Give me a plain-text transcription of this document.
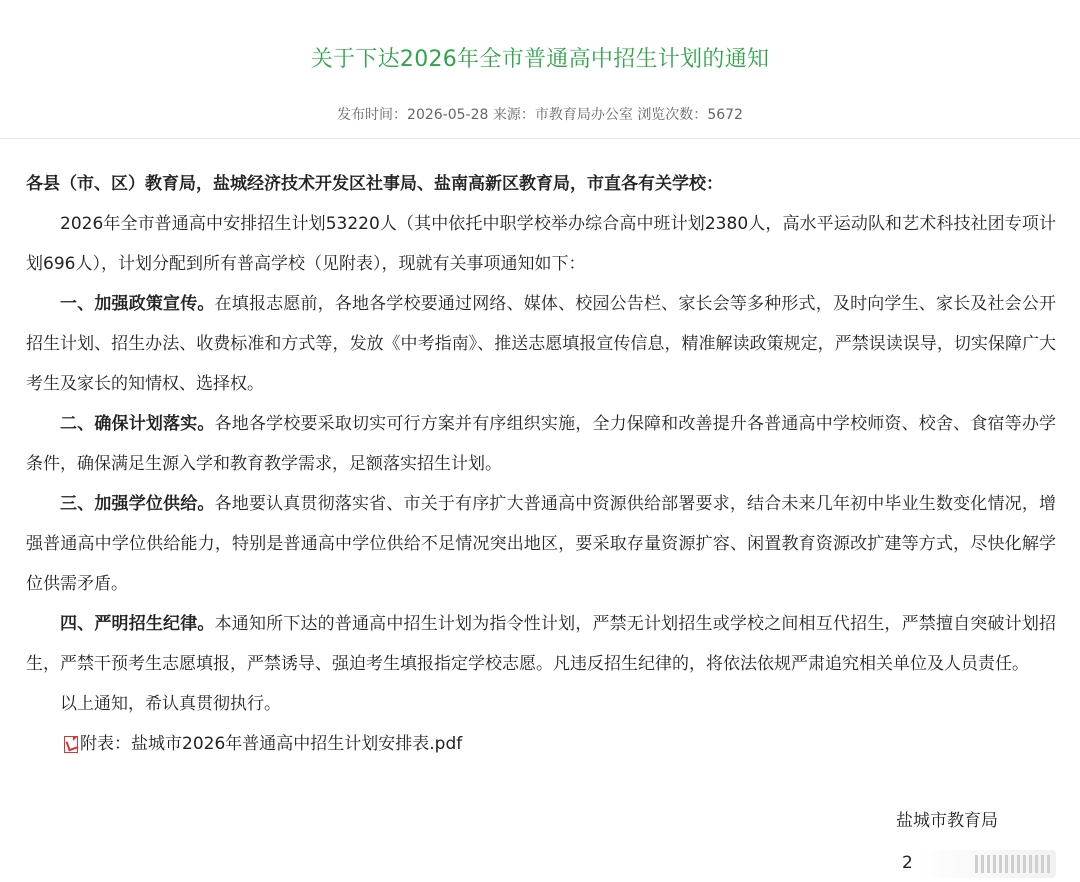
关于下达2026年全市普通高中招生计划的通知
发布时间：2026-05-28 来源：市教育局办公室 浏览次数：5672

各县（市、区）教育局，盐城经济技术开发区社事局、盐南高新区教育局，市直各有关学校：

2026年全市普通高中安排招生计划53220人（其中依托中职学校举办综合高中班计划2380人，高水平运动队和艺术科技社团专项计划696人），计划分配到所有普高学校（见附表），现就有关事项通知如下：

一、加强政策宣传。在填报志愿前，各地各学校要通过网络、媒体、校园公告栏、家长会等多种形式，及时向学生、家长及社会公开招生计划、招生办法、收费标准和方式等，发放《中考指南》、推送志愿填报宣传信息，精准解读政策规定，严禁误读误导，切实保障广大考生及家长的知情权、选择权。

二、确保计划落实。各地各学校要采取切实可行方案并有序组织实施，全力保障和改善提升各普通高中学校师资、校舍、食宿等办学条件，确保满足生源入学和教育教学需求，足额落实招生计划。

三、加强学位供给。各地要认真贯彻落实省、市关于有序扩大普通高中资源供给部署要求，结合未来几年初中毕业生数变化情况，增强普通高中学位供给能力，特别是普通高中学位供给不足情况突出地区，要采取存量资源扩容、闲置教育资源改扩建等方式，尽快化解学位供需矛盾。

四、严明招生纪律。本通知所下达的普通高中招生计划为指令性计划，严禁无计划招生或学校之间相互代招生，严禁擅自突破计划招生，严禁干预考生志愿填报，严禁诱导、强迫考生填报指定学校志愿。凡违反招生纪律的，将依法依规严肃追究相关单位及人员责任。

以上通知，希认真贯彻执行。

附表： 盐城市2026年普通高中招生计划安排表.pdf

盐城市教育局
2
